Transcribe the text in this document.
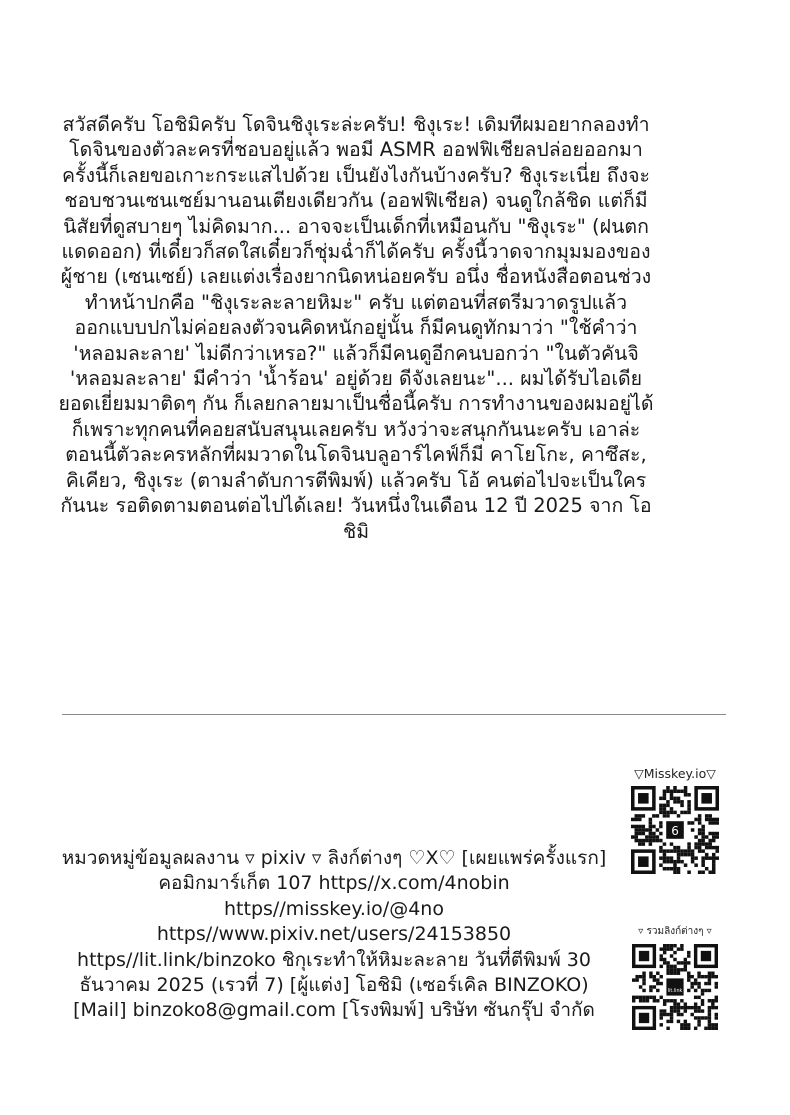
สวัสดีครับ โอชิมิครับ โดจินชิงุเระล่ะครับ! ชิงุเระ! เดิมทีผมอยากลองทำโดจินของตัวละครที่ชอบอยู่แล้ว พอมี ASMR ออฟฟิเชียลปล่อยออกมา ครั้งนี้ก็เลยขอเกาะกระแสไปด้วย เป็นยังไงกันบ้างครับ? ชิงุเระเนี่ย ถึงจะชอบชวนเซนเซย์มานอนเตียงเดียวกัน (ออฟฟิเชียล) จนดูใกล้ชิด แต่ก็มีนิสัยที่ดูสบายๆ ไม่คิดมาก... อาจจะเป็นเด็กที่เหมือนกับ "ชิงุเระ" (ฝนตกแดดออก) ที่เดี๋ยวก็สดใสเดี๋ยวก็ชุ่มฉ่ำก็ได้ครับ ครั้งนี้วาดจากมุมมองของผู้ชาย (เซนเซย์) เลยแต่งเรื่องยากนิดหน่อยครับ อนึ่ง ชื่อหนังสือตอนช่วงทำหน้าปกคือ "ชิงุเระละลายหิมะ" ครับ แต่ตอนที่สตรีมวาดรูปแล้วออกแบบปกไม่ค่อยลงตัวจนคิดหนักอยู่นั้น ก็มีคนดูทักมาว่า "ใช้คำว่า 'หลอมละลาย' ไม่ดีกว่าเหรอ?" แล้วก็มีคนดูอีกคนบอกว่า "ในตัวคันจิ 'หลอมละลาย' มีคำว่า 'น้ำร้อน' อยู่ด้วย ดีจังเลยนะ"... ผมได้รับไอเดียยอดเยี่ยมมาติดๆ กัน ก็เลยกลายมาเป็นชื่อนี้ครับ การทำงานของผมอยู่ได้ก็เพราะทุกคนที่คอยสนับสนุนเลยครับ หวังว่าจะสนุกกันนะครับ เอาล่ะ ตอนนี้ตัวละครหลักที่ผมวาดในโดจินบลูอาร์ไคฟ์ก็มี คาโยโกะ, คาซึสะ, คิเคียว, ชิงุเระ (ตามลำดับการตีพิมพ์) แล้วครับ โอ้ คนต่อไปจะเป็นใครกันนะ รอติดตามตอนต่อไปได้เลย! วันหนึ่งในเดือน 12 ปี 2025 จาก โอชิมิ

หมวดหมู่ข้อมูลผลงาน ▿ pixiv ▿ ลิงก์ต่างๆ ♡X♡ [เผยแพร่ครั้งแรก] คอมิกมาร์เก็ต 107 https//x.com/4nobin https//misskey.io/@4no https//www.pixiv.net/users/24153850 https//lit.link/binzoko ชิกุเระทำให้หิมะละลาย วันที่ตีพิมพ์ 30 ธันวาคม 2025 (เรวที่ 7) [ผู้แต่ง] โอชิมิ (เซอร์เคิล BINZOKO) [Mail] binzoko8@gmail.com [โรงพิมพ์] บริษัท ซันกรุ๊ป จำกัด

▽Misskey.io▽
6
▿ รวมลิงก์ต่างๆ ▿
lit.link
